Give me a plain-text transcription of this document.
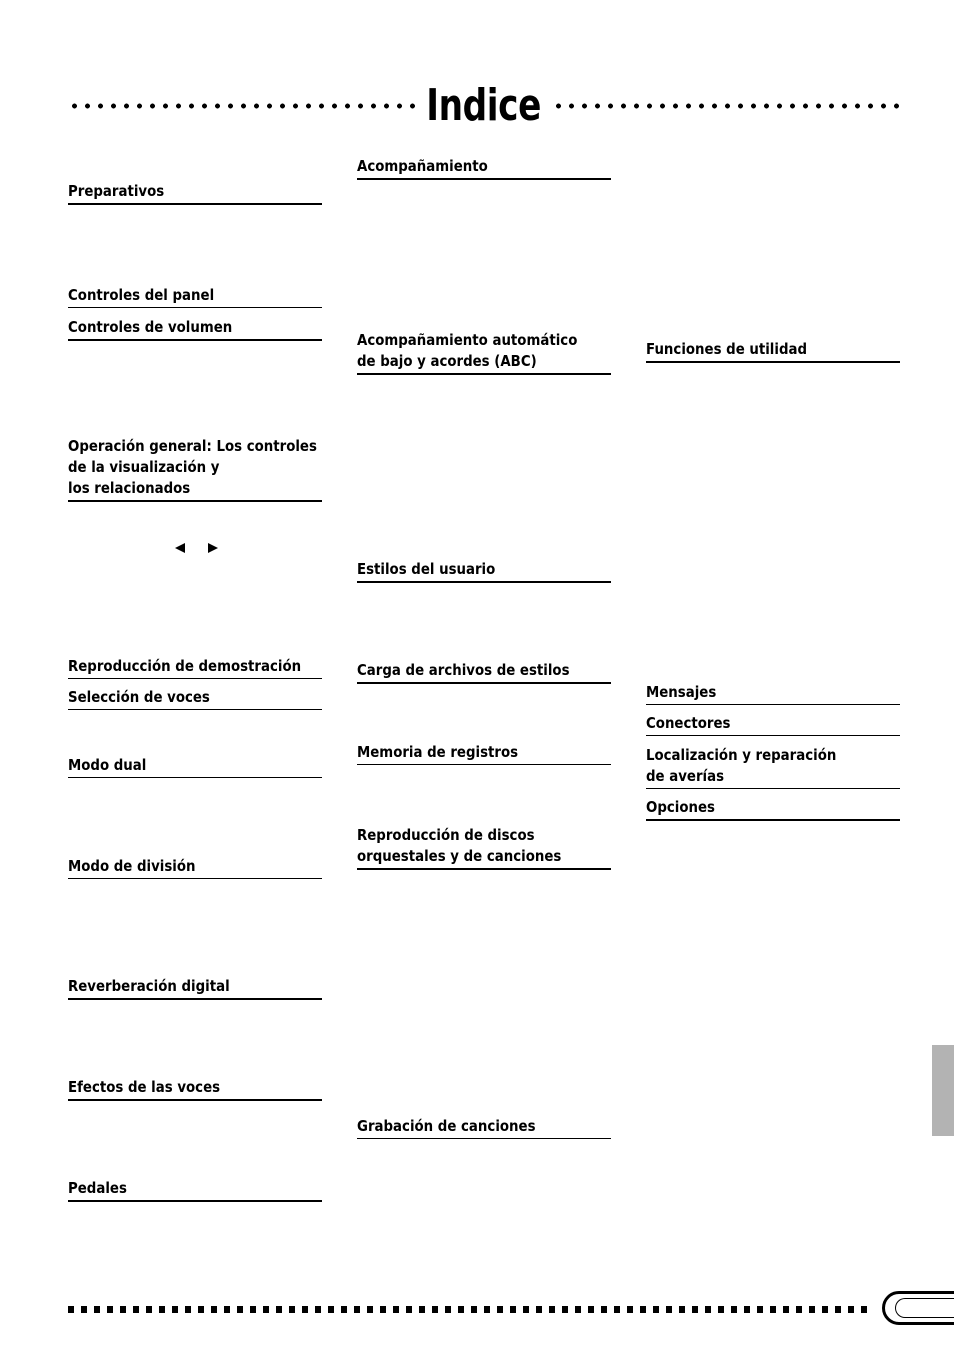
Indice
Preparativos
Controles del panel
Controles de volumen
Operación general: Los controles
de la visualización y
los relacionados
Reproducción de demostración
Selección de voces
Modo dual
Modo de división
Reverberación digital
Efectos de las voces
Pedales
Acompañamiento
Acompañamiento automático
de bajo y acordes (ABC)
Estilos del usuario
Carga de archivos de estilos
Memoria de registros
Reproducción de discos
orquestales y de canciones
Grabación de canciones
Funciones de utilidad
Mensajes
Conectores
Localización y reparación
de averías
Opciones
